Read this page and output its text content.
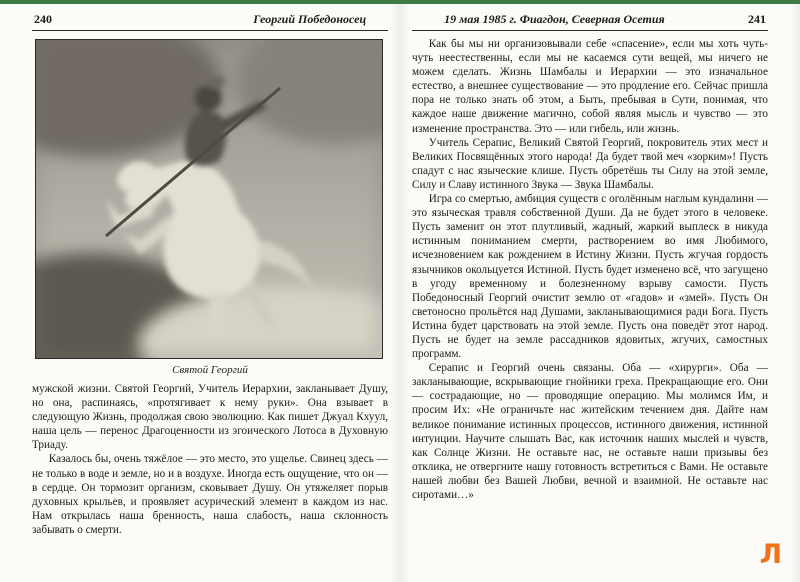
240	Георгий Победоносец
Святой Георгий

мужской жизни. Святой Георгий, Учитель Иерархии, закланывает Душу, но она, распинаясь, «протягивает к нему руки». Она взывает в следующую Жизнь, продолжая свою эволюцию. Как пишет Джуал Кхуул, наша цель — перенос Драгоценности из эгоического Лотоса в Духовную Триаду.

Казалось бы, очень тяжёлое — это место, это ущелье. Свинец здесь — не только в воде и земле, но и в воздухе. Иногда есть ощущение, что он — в сердце. Он тормозит организм, сковывает Душу. Он утяжеляет порыв духовных крыльев, и проявляет асурический элемент в каждом из нас. Нам открылась наша бренность, наша слабость, наша склонность забывать о смерти.

19 мая 1985 г. Фиагдон, Северная Осетия	241

Как бы мы ни организовывали себе «спасение», если мы хоть чуть-чуть неестественны, если мы не касаемся сути вещей, мы ничего не можем сделать. Жизнь Шамбалы и Иерархии — это изначальное естество, а внешнее существование — это продление его. Сейчас пришла пора не только знать об этом, а Быть, пребывая в Сути, понимая, что каждое наше движение магично, собой являя мысль и чувство — это изменение пространства. Это — или гибель, или жизнь.

Учитель Серапис, Великий Святой Георгий, покровитель этих мест и Великих Посвящённых этого народа! Да будет твой меч «зорким»! Пусть спадут с нас языческие клише. Пусть обретёшь ты Силу на этой земле, Силу и Славу истинного Звука — Звука Шамбалы.

Игра со смертью, амбиция существ с оголённым наглым кундалини — это языческая травля собственной Души. Да не будет этого в человеке. Пусть заменит он этот плутливый, жадный, жаркий выплеск в никуда истинным пониманием смерти, растворением во имя Любимого, исчезновением как рождением в Истину Жизни. Пусть жгучая гордость язычников окольцуется Истиной. Пусть будет изменено всё, что загущено в угоду временному и болезненному взрыву самости. Пусть Победоносный Георгий очистит землю от «гадов» и «змей». Пусть Он светоносно прольётся над Душами, закланывающимися ради Бога. Пусть Истина будет царствовать на этой земле. Пусть она поведёт этот народ. Пусть не будет на земле рассадников ядовитых, жгучих, самостных программ.

Серапис и Георгий очень связаны. Оба — «хирурги». Оба — закланывающие, вскрывающие гнойники греха. Прекращающие его. Они — сострадающие, но — проводящие операцию. Мы молимся Им, и просим Их: «Не ограничьте нас житейским течением дня. Дайте нам великое понимание истинных процессов, истинного движения, истинной интуиции. Научите слышать Вас, как источник наших мыслей и чувств, как Солнце Жизни. Не оставьте нас, не оставьте наши призывы без отклика, не отвергните нашу готовность встретиться с Вами. Не оставьте нашей любви без Вашей Любви, вечной и взаимной. Не оставьте нас сиротами…»

Л
